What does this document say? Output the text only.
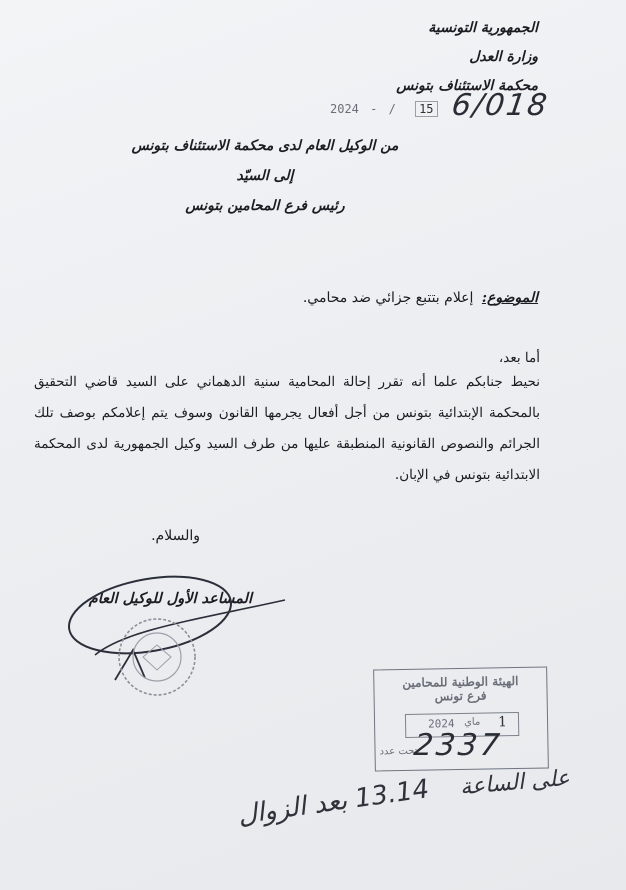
الجمهورية التونسية
وزارة العدل
محكمة الاستئناف بتونس
2024 - / 15 6/018
من الوكيل العام لدى محكمة الاستئناف بتونس
إلى السيّد
رئيس فرع المحامين بتونس
الموضوع: إعلام بتتبع جزائي ضد محامي.
أما بعد،
نحيط جنابكم علما أنه تقرر إحالة المحامية سنية الدهماني على السيد قاضي التحقيق بالمحكمة الإبتدائية بتونس من أجل أفعال يجرمها القانون وسوف يتم إعلامكم بوصف تلك الجرائم والنصوص القانونية المنطبقة عليها من طرف السيد وكيل الجمهورية لدى المحكمة الابتدائية بتونس في الإبان.
والسلام.
المساعد الأول للوكيل العام
الهيئة الوطنية للمحامين
فرع تونس
2024 ماي 1
تحت عدد
2337
على الساعة
13.14 بعد الزوال
